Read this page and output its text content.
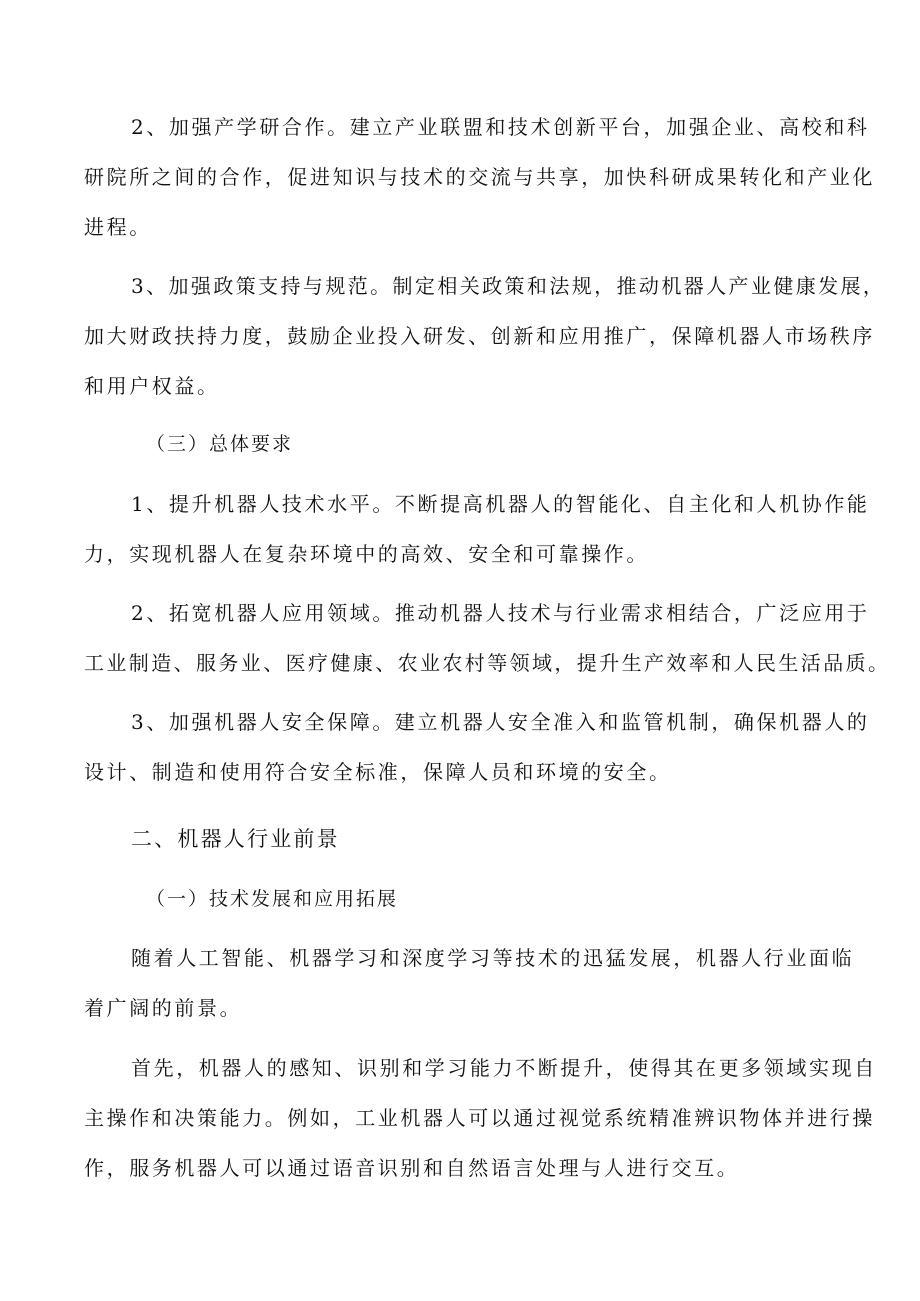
2、加强产学研合作。建立产业联盟和技术创新平台，加强企业、高校和科
研院所之间的合作，促进知识与技术的交流与共享，加快科研成果转化和产业化
进程。
3、加强政策支持与规范。制定相关政策和法规，推动机器人产业健康发展，
加大财政扶持力度，鼓励企业投入研发、创新和应用推广，保障机器人市场秩序
和用户权益。
（三）总体要求
1、提升机器人技术水平。不断提高机器人的智能化、自主化和人机协作能
力，实现机器人在复杂环境中的高效、安全和可靠操作。
2、拓宽机器人应用领域。推动机器人技术与行业需求相结合，广泛应用于
工业制造、服务业、医疗健康、农业农村等领域，提升生产效率和人民生活品质。
3、加强机器人安全保障。建立机器人安全准入和监管机制，确保机器人的
设计、制造和使用符合安全标准，保障人员和环境的安全。
二、机器人行业前景
（一）技术发展和应用拓展
随着人工智能、机器学习和深度学习等技术的迅猛发展，机器人行业面临
着广阔的前景。
首先，机器人的感知、识别和学习能力不断提升，使得其在更多领域实现自
主操作和决策能力。例如，工业机器人可以通过视觉系统精准辨识物体并进行操
作，服务机器人可以通过语音识别和自然语言处理与人进行交互。
